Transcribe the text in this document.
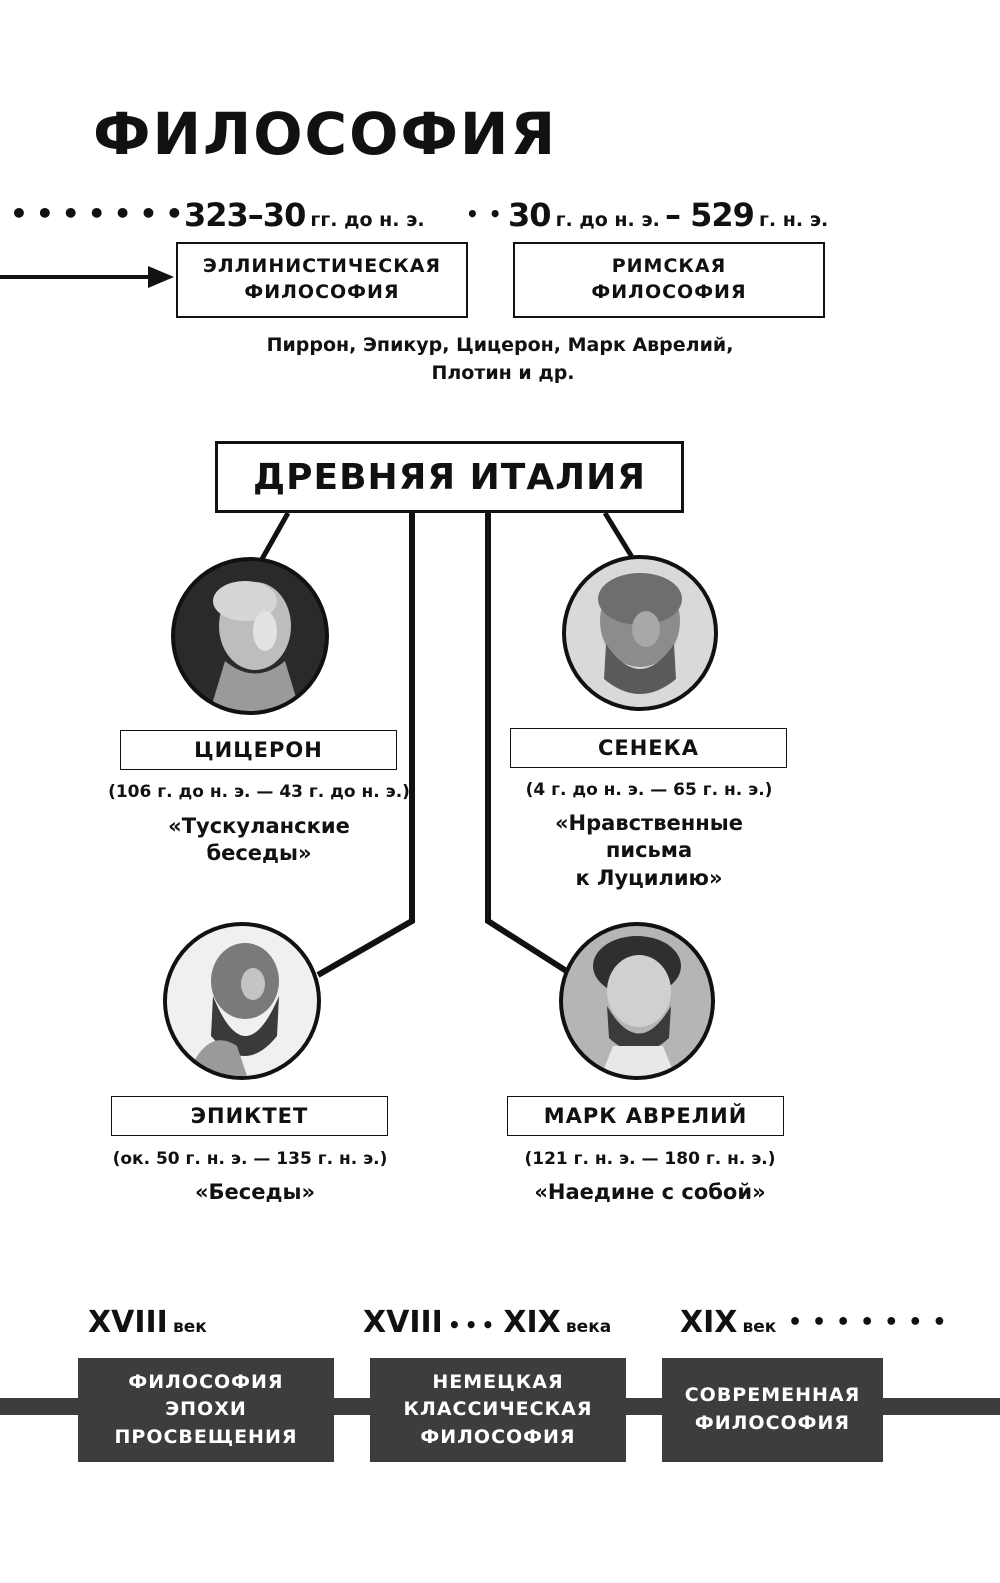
ФИЛОСОФИЯ
•••••••
323–30 гг. до н. э. ••
30 г. до н. э. – 529 г. н. э.
ЭЛЛИНИСТИЧЕСКАЯ
ФИЛОСОФИЯ
РИМСКАЯ
ФИЛОСОФИЯ
Пиррон, Эпикур, Цицерон, Марк Аврелий,
Плотин и др.
ДРЕВНЯЯ ИТАЛИЯ
ЦИЦЕРОН
(106 г. до н. э. — 43 г. до н. э.)
«Тускуланские
беседы»
СЕНЕКА
(4 г. до н. э. — 65 г. н. э.)
«Нравственные
письма
к Луцилию»
ЭПИКТЕТ
(ок. 50 г. н. э. — 135 г. н. э.)
«Беседы»
МАРК АВРЕЛИЙ
(121 г. н. э. — 180 г. н. э.)
«Наедине с собой»
XVIII век	XVIII ••• XIX века XIX век •••••••
ФИЛОСОФИЯ
ЭПОХИ
ПРОСВЕЩЕНИЯ
НЕМЕЦКАЯ
КЛАССИЧЕСКАЯ
ФИЛОСОФИЯ
СОВРЕМЕННАЯ
ФИЛОСОФИЯ
